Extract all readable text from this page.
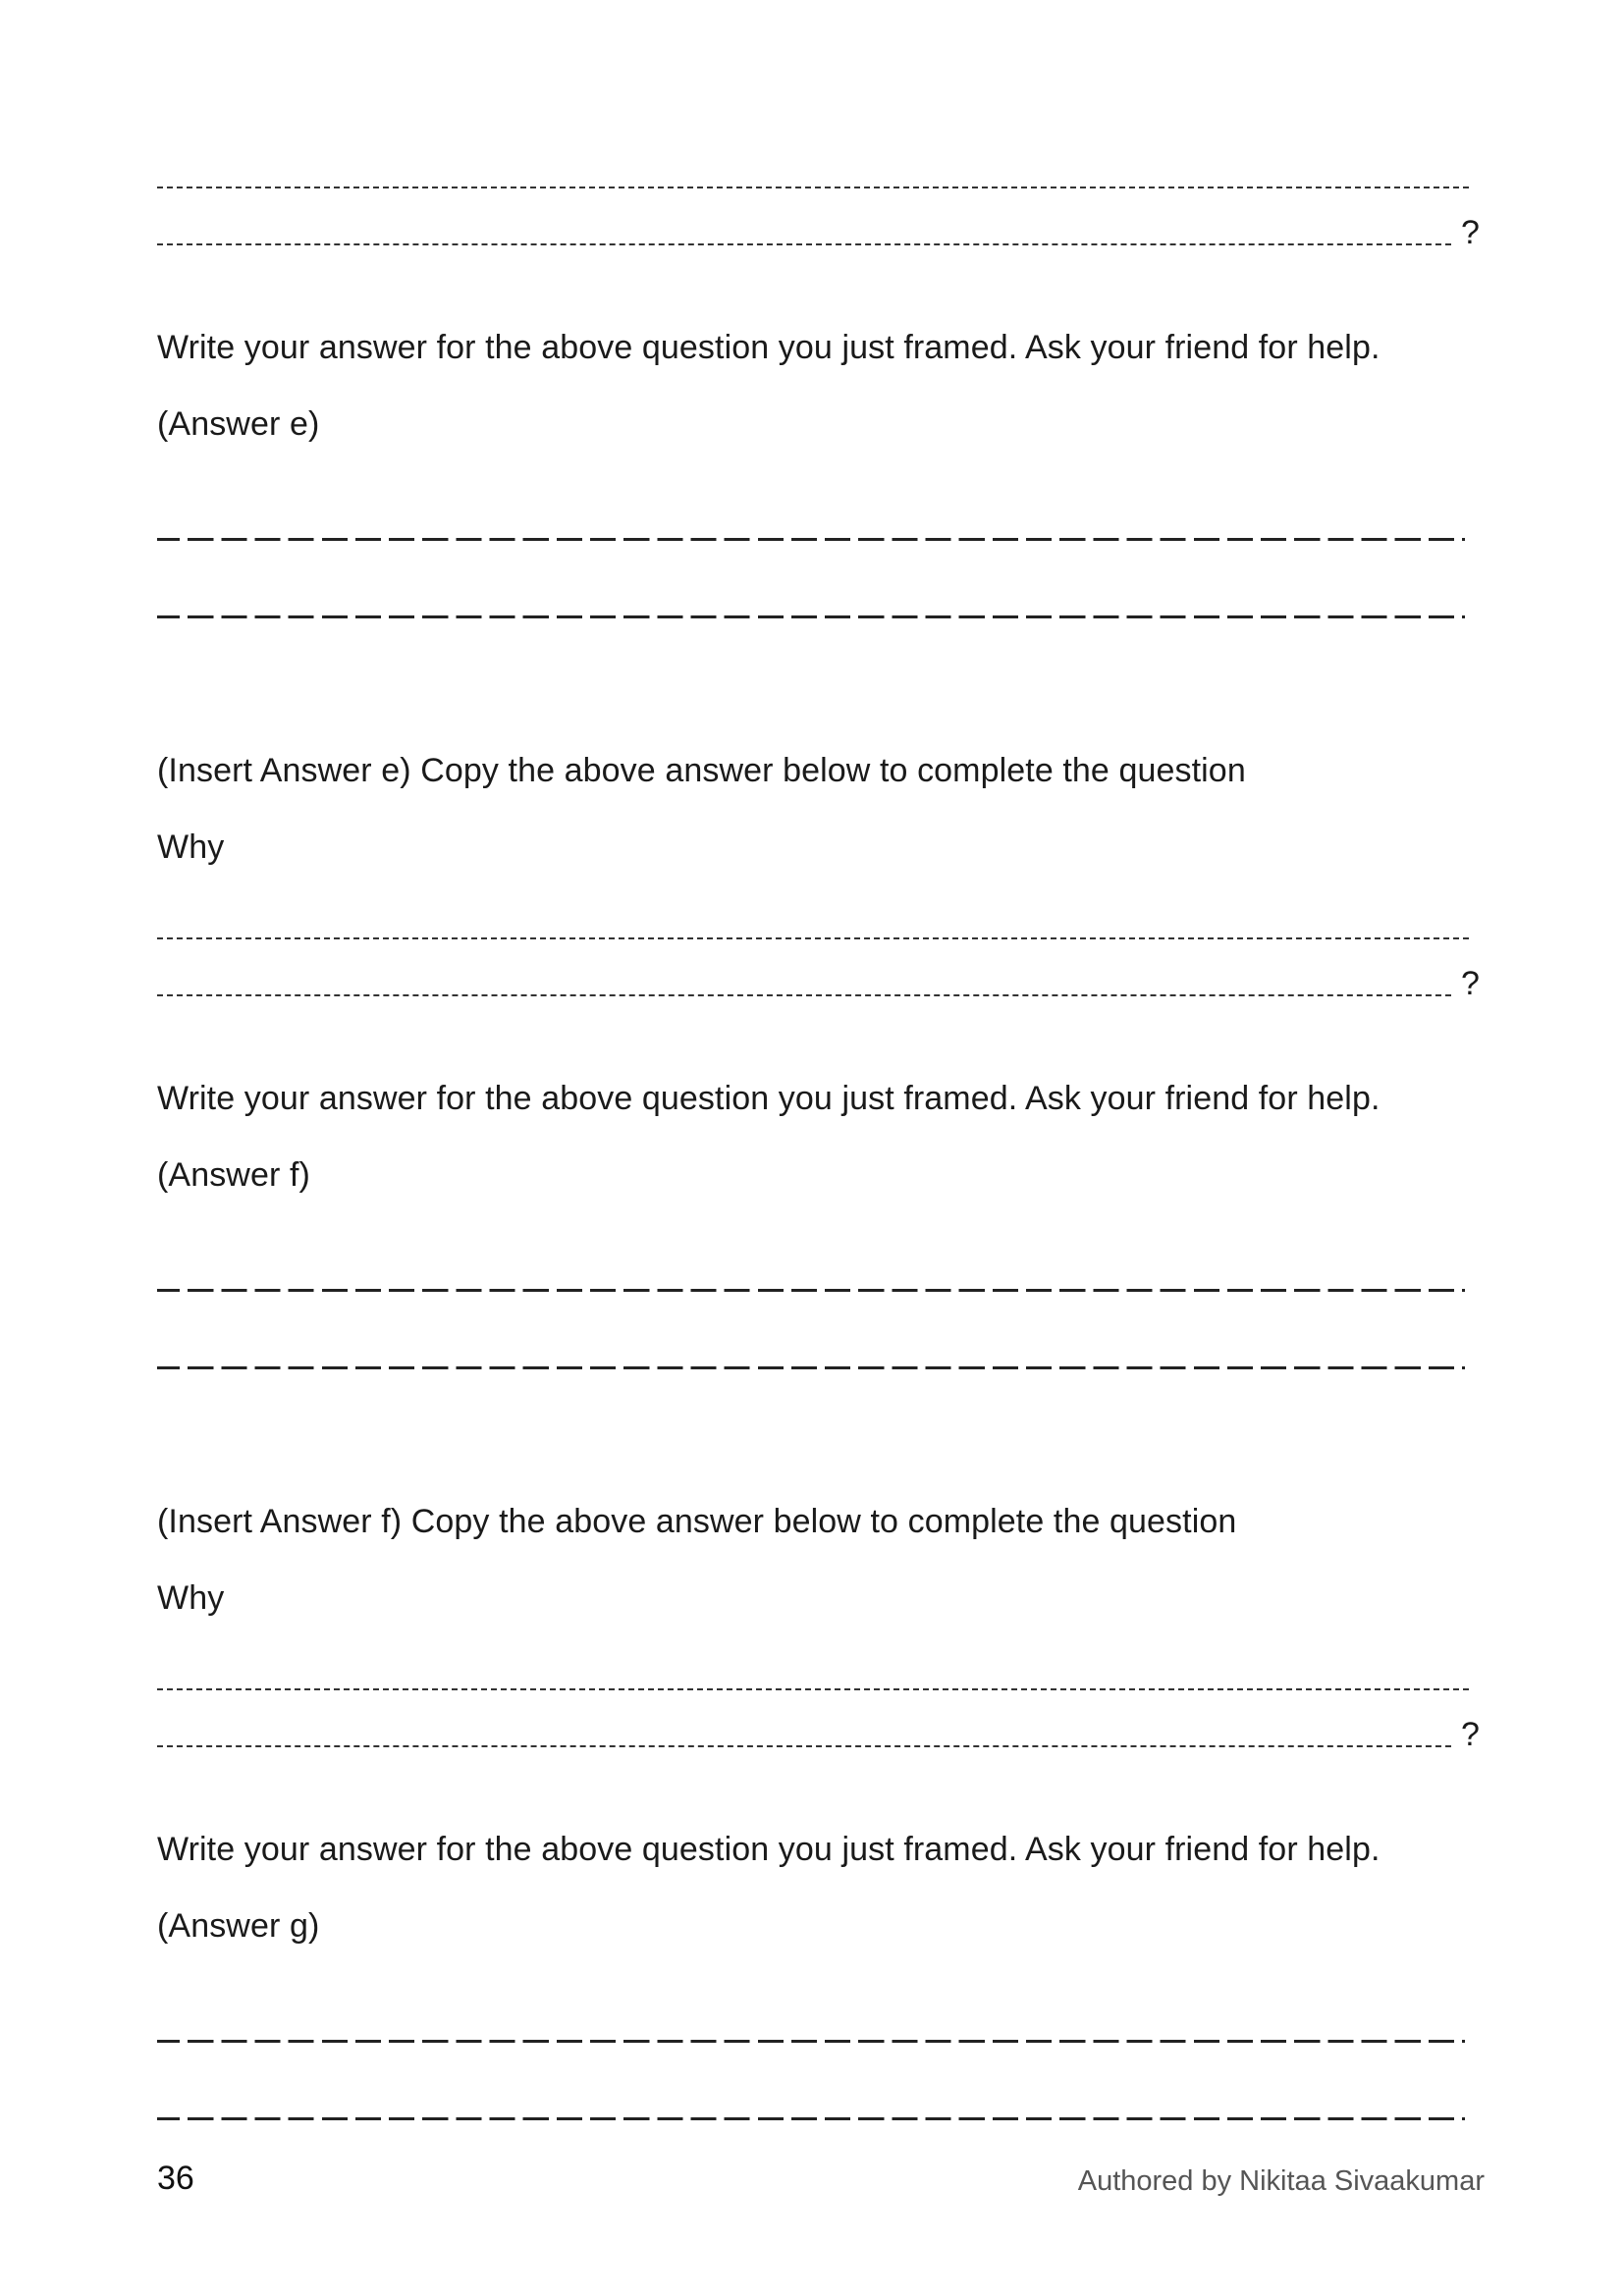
?
Write your answer for the above question you just framed. Ask your friend for help.
(Answer e)
(Insert Answer e) Copy the above answer below to complete the question
Why
?
Write your answer for the above question you just framed. Ask your friend for help.
(Answer f)
(Insert Answer f) Copy the above answer below to complete the question
Why
?
Write your answer for the above question you just framed. Ask your friend for help.
(Answer g)
36	Authored by Nikitaa Sivaakumar
